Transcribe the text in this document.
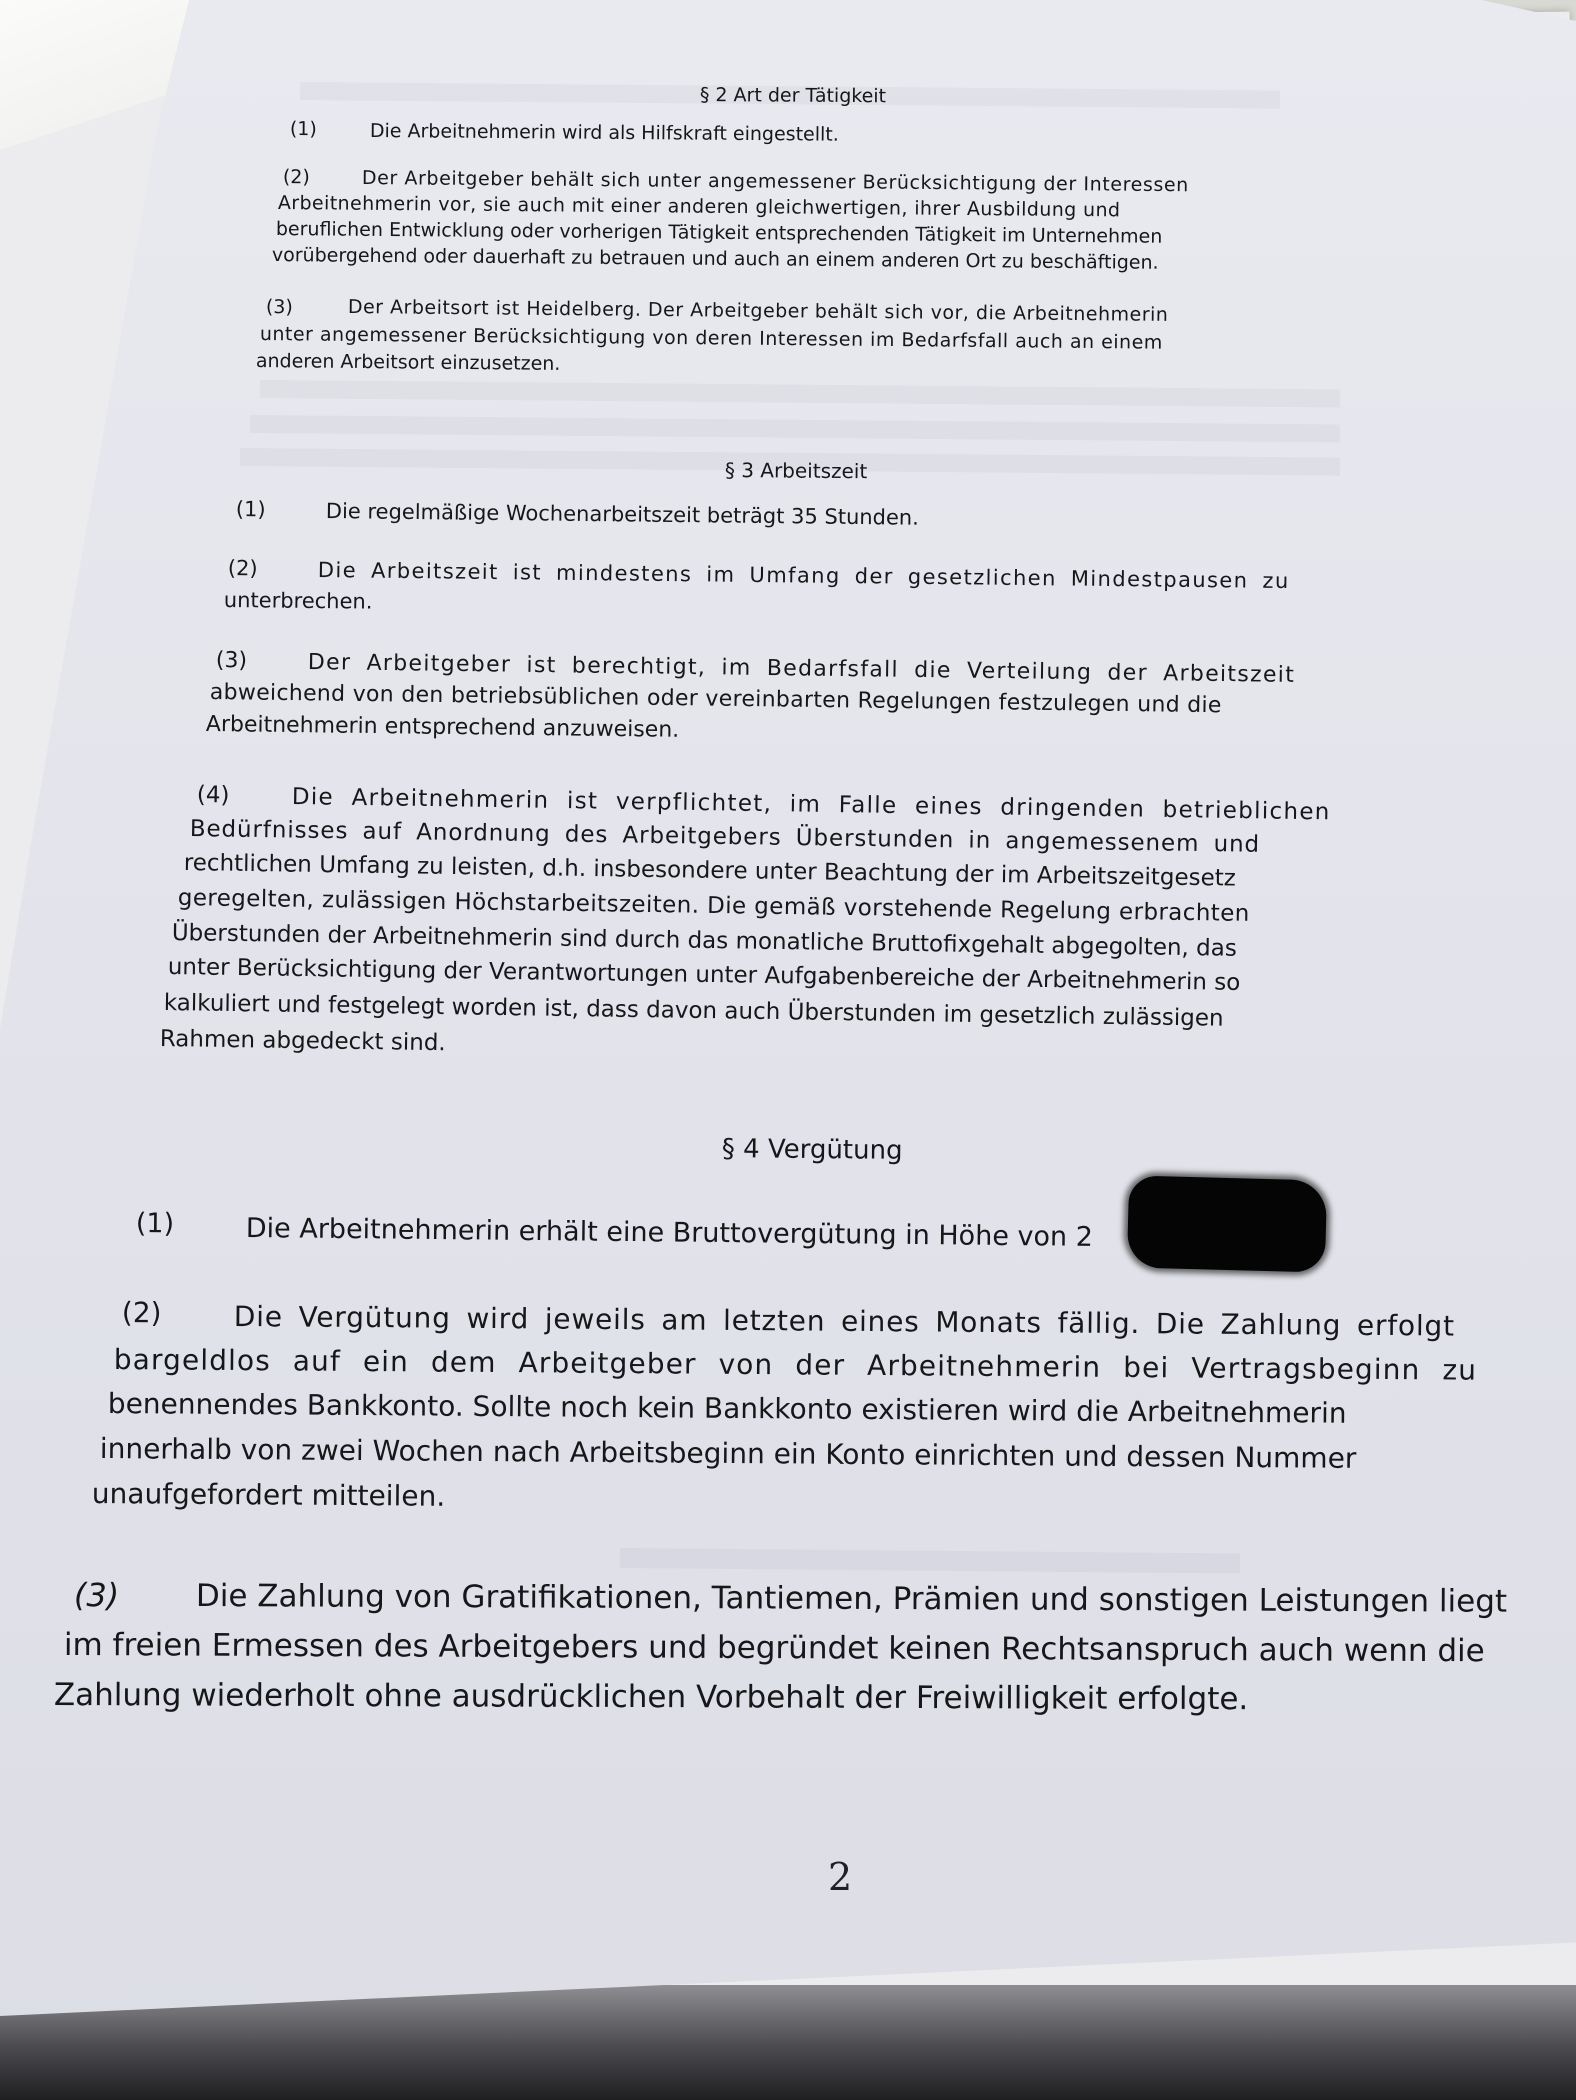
§ 2 Art der Tätigkeit
(1)	Die Arbeitnehmerin wird als Hilfskraft eingestellt.
(2)	Der Arbeitgeber behält sich unter angemessener Berücksichtigung der Interessen
Arbeitnehmerin vor, sie auch mit einer anderen gleichwertigen, ihrer Ausbildung und
beruflichen Entwicklung oder vorherigen Tätigkeit entsprechenden Tätigkeit im Unternehmen
vorübergehend oder dauerhaft zu betrauen und auch an einem anderen Ort zu beschäftigen.
(3)	Der Arbeitsort ist Heidelberg. Der Arbeitgeber behält sich vor, die Arbeitnehmerin
unter angemessener Berücksichtigung von deren Interessen im Bedarfsfall auch an einem
anderen Arbeitsort einzusetzen.
§ 3 Arbeitszeit
(1)	Die regelmäßige Wochenarbeitszeit beträgt 35 Stunden.
(2)	Die Arbeitszeit ist mindestens im Umfang der gesetzlichen Mindestpausen zu
unterbrechen.
(3)	Der Arbeitgeber ist berechtigt, im Bedarfsfall die Verteilung der Arbeitszeit
abweichend von den betriebsüblichen oder vereinbarten Regelungen festzulegen und die
Arbeitnehmerin entsprechend anzuweisen.
(4)	Die Arbeitnehmerin ist verpflichtet, im Falle eines dringenden betrieblichen
Bedürfnisses auf Anordnung des Arbeitgebers Überstunden in angemessenem und
rechtlichen Umfang zu leisten, d.h. insbesondere unter Beachtung der im Arbeitszeitgesetz
geregelten, zulässigen Höchstarbeitszeiten. Die gemäß vorstehende Regelung erbrachten
Überstunden der Arbeitnehmerin sind durch das monatliche Bruttofixgehalt abgegolten, das
unter Berücksichtigung der Verantwortungen unter Aufgabenbereiche der Arbeitnehmerin so
kalkuliert und festgelegt worden ist, dass davon auch Überstunden im gesetzlich zulässigen
Rahmen abgedeckt sind.
§ 4 Vergütung
(1)	Die Arbeitnehmerin erhält eine Bruttovergütung in Höhe von 2
(2)	Die Vergütung wird jeweils am letzten eines Monats fällig. Die Zahlung erfolgt
bargeldlos auf ein dem Arbeitgeber von der Arbeitnehmerin bei Vertragsbeginn zu
benennendes Bankkonto. Sollte noch kein Bankkonto existieren wird die Arbeitnehmerin
innerhalb von zwei Wochen nach Arbeitsbeginn ein Konto einrichten und dessen Nummer
unaufgefordert mitteilen.
(3) Die Zahlung von Gratifikationen, Tantiemen, Prämien und sonstigen Leistungen liegt
im freien Ermessen des Arbeitgebers und begründet keinen Rechtsanspruch auch wenn die
Zahlung wiederholt ohne ausdrücklichen Vorbehalt der Freiwilligkeit erfolgte.
2
